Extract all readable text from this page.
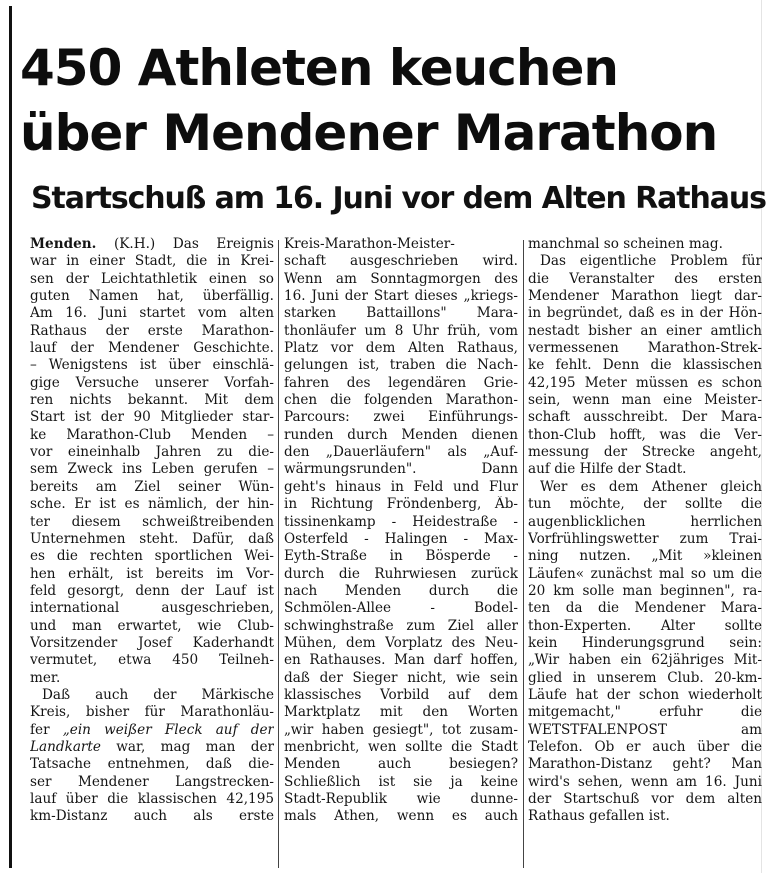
450 Athleten keuchen
über Mendener Marathon
Startschuß am 16. Juni vor dem Alten Rathaus
Menden. (K.H.) Das Ereignis
war in einer Stadt, die in Krei-
sen der Leichtathletik einen so
guten Namen hat, überfällig.
Am 16. Juni startet vom alten
Rathaus der erste Marathon-
lauf der Mendener Geschichte.
– Wenigstens ist über einschlä-
gige Versuche unserer Vorfah-
ren nichts bekannt. Mit dem
Start ist der 90 Mitglieder star-
ke Marathon-Club Menden –
vor eineinhalb Jahren zu die-
sem Zweck ins Leben gerufen –
bereits am Ziel seiner Wün-
sche. Er ist es nämlich, der hin-
ter diesem schweißtreibenden
Unternehmen steht. Dafür, daß
es die rechten sportlichen Wei-
hen erhält, ist bereits im Vor-
feld gesorgt, denn der Lauf ist
international ausgeschrieben,
und man erwartet, wie Club-
Vorsitzender Josef Kaderhandt
vermutet, etwa 450 Teilneh-
mer.
Daß auch der Märkische
Kreis, bisher für Marathonläu-
fer „ein weißer Fleck auf der
Landkarte war, mag man der
Tatsache entnehmen, daß die-
ser Mendener Langstrecken-
lauf über die klassischen 42,195
km-Distanz auch als erste
Kreis-Marathon-Meister-
schaft ausgeschrieben wird.
Wenn am Sonntagmorgen des
16. Juni der Start dieses „kriegs-
starken Battaillons" Mara-
thonläufer um 8 Uhr früh, vom
Platz vor dem Alten Rathaus,
gelungen ist, traben die Nach-
fahren des legendären Grie-
chen die folgenden Marathon-
Parcours: zwei Einführungs-
runden durch Menden dienen
den „Dauerläufern" als „Auf-
wärmungsrunden". Dann
geht's hinaus in Feld und Flur
in Richtung Fröndenberg, Äb-
tissinenkamp - Heidestraße -
Osterfeld - Halingen - Max-
Eyth-Straße in Bösperde -
durch die Ruhrwiesen zurück
nach Menden durch die
Schmölen-Allee - Bodel-
schwinghstraße zum Ziel aller
Mühen, dem Vorplatz des Neu-
en Rathauses. Man darf hoffen,
daß der Sieger nicht, wie sein
klassisches Vorbild auf dem
Marktplatz mit den Worten
„wir haben gesiegt", tot zusam-
menbricht, wen sollte die Stadt
Menden auch besiegen?
Schließlich ist sie ja keine
Stadt-Republik wie dunne-
mals Athen, wenn es auch
manchmal so scheinen mag.
Das eigentliche Problem für
die Veranstalter des ersten
Mendener Marathon liegt dar-
in begründet, daß es in der Hön-
nestadt bisher an einer amtlich
vermessenen Marathon-Strek-
ke fehlt. Denn die klassischen
42,195 Meter müssen es schon
sein, wenn man eine Meister-
schaft ausschreibt. Der Mara-
thon-Club hofft, was die Ver-
messung der Strecke angeht,
auf die Hilfe der Stadt.
Wer es dem Athener gleich
tun möchte, der sollte die
augenblicklichen herrlichen
Vorfrühlingswetter zum Trai-
ning nutzen. „Mit »kleinen
Läufen« zunächst mal so um die
20 km solle man beginnen", ra-
ten da die Mendener Mara-
thon-Experten. Alter sollte
kein Hinderungsgrund sein:
„Wir haben ein 62jähriges Mit-
glied in unserem Club. 20-km-
Läufe hat der schon wiederholt
mitgemacht," erfuhr die
WETSTFALENPOST am
Telefon. Ob er auch über die
Marathon-Distanz geht? Man
wird's sehen, wenn am 16. Juni
der Startschuß vor dem alten
Rathaus gefallen ist.
